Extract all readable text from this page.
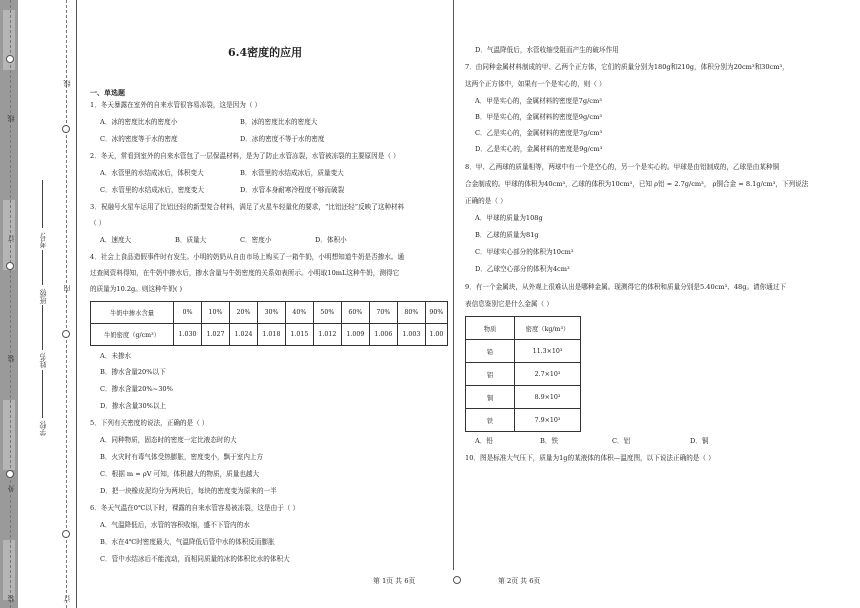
线
订
装
外
线
内
订
装
考号:
班级:
姓名:
学校:
6.4密度的应用
一、单选题
1．冬天暴露在室外的自来水管很容易冻裂，这是因为（ ）
A．冰的密度比水的密度小	B．冰的密度比水的密度大
C．冰的密度等于水的密度	D．冰的密度不等于水的密度
2．冬天，常看到室外的自来水管包了一层保温材料，是为了防止水管冻裂，水管被冻裂的主要原因是（ ）
A．水管里的水结成冰后，体积变大	B．水管里的水结成冰后，质量变大
C．水管里的水结成冰后，密度变大	D．水管本身耐寒冷程度不够而破裂
3．祝融号火星车运用了比铝还轻的新型复合材料，满足了火星车轻量化的要求，“比铝还轻”反映了这种材料
（ ）
A．速度大	B．质量大	C．密度小	D．体积小
4．社会上食品造假事件时有发生。小明的奶奶从自由市场上购买了一箱牛奶，小明想知道牛奶是否掺水。通
过查阅资料得知，在牛奶中掺水后，掺水含量与牛奶密度的关系如表所示。小明取10mL这种牛奶，测得它
的质量为10.2g。则这种牛奶( )
牛奶中掺水含量	0%	10%	20%	30%	40%	50%	60%	70%	80%	90%
牛奶密度（g/cm³）	1.030	1.027	1.024	1.018	1.015	1.012	1.009	1.006	1.003	1.00
A．未掺水
B．掺水含量20%以下
C．掺水含量20%~30%
D．掺水含量30%以上
5．下列有关密度的说法，正确的是（ ）
A．同种物质，固态时的密度一定比液态时的大
B．火灾时有毒气体受热膨胀，密度变小，飘于室内上方
C．根据 m = ρV 可知，体积越大的物质，质量也越大
D．把一块橡皮泥均分为两块后，每块的密度变为原来的一半
6．冬天气温在0℃以下时，裸露的自来水管容易被冻裂，这是由于（ ）
A．气温降低后，水管的容积收缩，盛不下管内的水
B．水在4℃时密度最大，气温降低后管中水的体积反而膨胀
C．管中水结冰后不能流动，而相同质量的冰的体积比水的体积大
第 1页 共 6页	第 2页 共 6页
D．气温降低后，水管收缩受阻而产生的破坏作用
7．由同种金属材料制成的甲、乙两个正方体，它们的质量分别为180g和210g，体积分别为20cm³和30cm³，
这两个正方体中，如果有一个是实心的，则（ ）
A．甲是实心的，金属材料的密度是7g/cm³
B．甲是实心的，金属材料的密度是9g/cm³
C．乙是实心的，金属材料的密度是7g/cm³
D．乙是实心的，金属材料的密度是9g/cm³
8．甲、乙两球的质量相等，两球中有一个是空心的，另一个是实心的。甲球是由铝制成的，乙球是由某种铜
合金制成的。甲球的体积为40cm³，乙球的体积为10cm³，已知 ρ铝 = 2.7g/cm³， ρ铜合金 = 8.1g/cm³，下列说法
正确的是（ ）
A．甲球的质量为108g
B．乙球的质量为81g
C．甲球实心部分的体积为10cm³
D．乙球空心部分的体积为4cm³
9．有一个金属块，从外观上很难认出是哪种金属。现测得它的体积和质量分别是5.40cm³、48g。请你通过下
表信息鉴别它是什么金属（ ）
物质	密度（kg/m³）
铅	11.3×10³
铝	2.7×10³
铜	8.9×10³
铁	7.9×10³
A．铅	B．铁	C．铝	D．铜
10．图是标准大气压下，质量为1g的某液体的体积—温度图，以下说法正确的是（ ）
